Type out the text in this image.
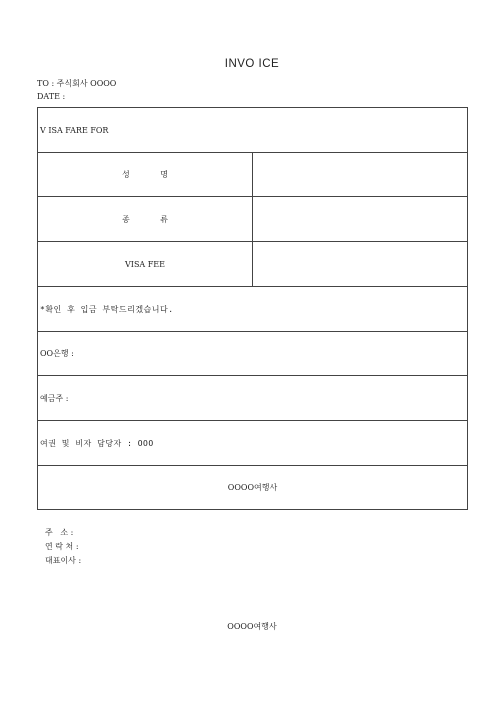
INVO ICE
TO : 주식회사 OOOO
DATE :
V ISA FARE FOR	
성 명	
종 류	
VISA FEE	
*확인 후 입금 부탁드리겠습니다.	
OO은행 :	
예금주 :	
여권 및 비자 담당자 : OOO	
OOOO여행사	
주   소 :
연 락 처 :
대표이사 :
OOOO여행사
